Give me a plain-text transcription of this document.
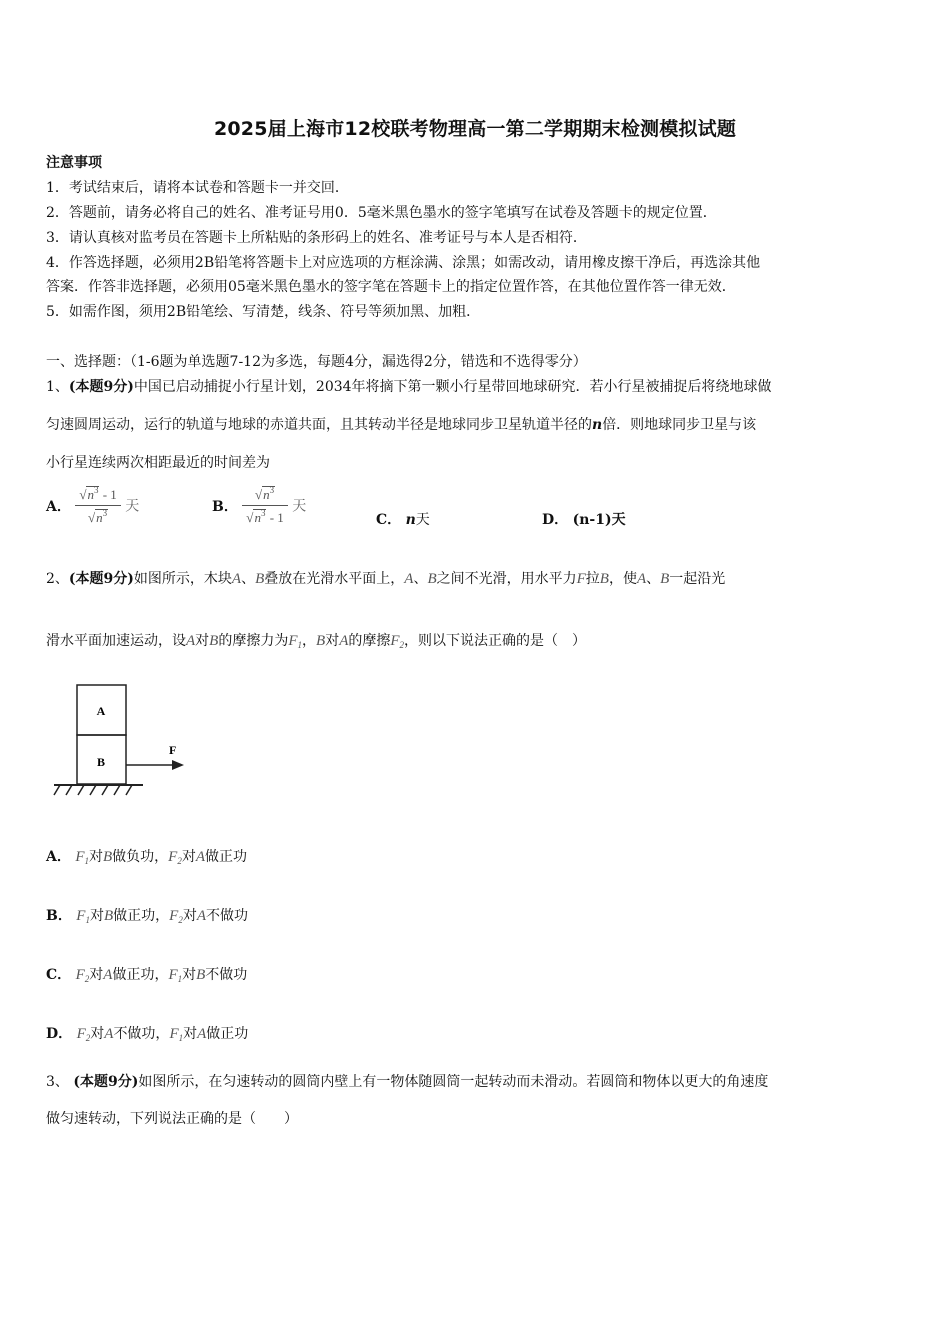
2025届上海市12校联考物理高一第二学期期末检测模拟试题
注意事项
1．考试结束后，请将本试卷和答题卡一并交回．
2．答题前，请务必将自己的姓名、准考证号用0．5毫米黑色墨水的签字笔填写在试卷及答题卡的规定位置．
3．请认真核对监考员在答题卡上所粘贴的条形码上的姓名、准考证号与本人是否相符．
4．作答选择题，必须用2B铅笔将答题卡上对应选项的方框涂满、涂黑；如需改动，请用橡皮擦干净后，再选涂其他
答案．作答非选择题，必须用05毫米黑色墨水的签字笔在答题卡上的指定位置作答，在其他位置作答一律无效．
5．如需作图，须用2B铅笔绘、写清楚，线条、符号等须加黑、加粗．
一、选择题：（1-6题为单选题7-12为多选，每题4分，漏选得2分，错选和不选得零分）
1、(本题9分)中国已启动捕捉小行星计划，2034年将摘下第一颗小行星带回地球研究．若小行星被捕捉后将绕地球做
匀速圆周运动，运行的轨道与地球的赤道共面，且其转动半径是地球同步卫星轨道半径的n倍．则地球同步卫星与该
小行星连续两次相距最近的时间差为
A． $\frac{√n^3 - 1}{√n^3}$ 天	B． $\frac{√n^3}{√n^3 - 1}$ 天
C． n天	D． (n-1)天
2、(本题9分)如图所示，木块A、B叠放在光滑水平面上，A、B之间不光滑，用水平力F拉B，使A、B一起沿光
滑水平面加速运动，设A对B的摩擦力为$F_1$，B对A的摩擦$F_2$，则以下说法正确的是（　）
A
B
F
A． $F_1$对B做负功，$F_2$对A做正功
B． $F_1$对B做正功，$F_2$对A不做功
C． $F_2$对A做正功，$F_1$对B不做功
D． $F_2$对A不做功，$F_1$对A做正功
3、 (本题9分)如图所示，在匀速转动的圆筒内壁上有一物体随圆筒一起转动而未滑动。若圆筒和物体以更大的角速度
做匀速转动，下列说法正确的是（　　）
